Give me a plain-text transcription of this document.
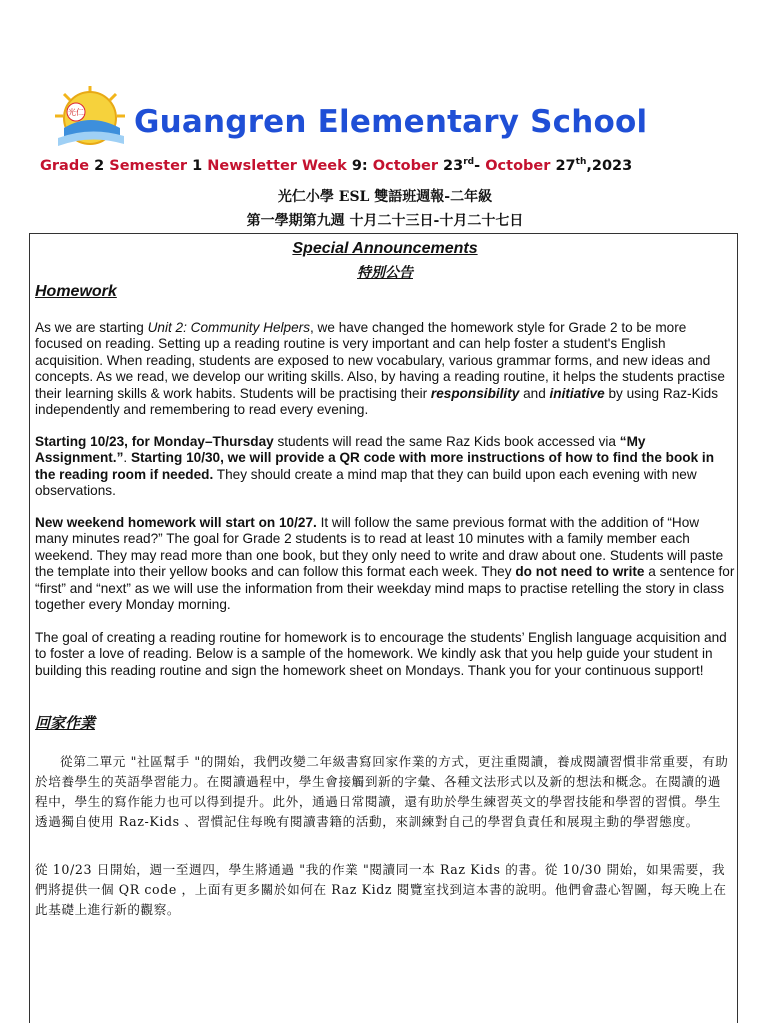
光仁 Guangren Elementary School
Grade 2 Semester 1 Newsletter Week 9: October 23rd- October 27th,2023
光仁小學 ESL 雙語班週報-二年級
第一學期第九週 十月二十三日-十月二十七日
Special Announcements
特別公告
Homework

As we are starting Unit 2: Community Helpers, we have changed the homework style for Grade 2 to be more focused on reading. Setting up a reading routine is very important and can help foster a student's English acquisition. When reading, students are exposed to new vocabulary, various grammar forms, and new ideas and concepts. As we read, we develop our writing skills. Also, by having a reading routine, it helps the students practise their learning skills & work habits. Students will be practising their responsibility and initiative by using Raz-Kids independently and remembering to read every evening.

Starting 10/23, for Monday–Thursday students will read the same Raz Kids book accessed via “My Assignment.”. Starting 10/30, we will provide a QR code with more instructions of how to find the book in the reading room if needed. They should create a mind map that they can build upon each evening with new observations.

New weekend homework will start on 10/27. It will follow the same previous format with the addition of “How many minutes read?” The goal for Grade 2 students is to read at least 10 minutes with a family member each weekend. They may read more than one book, but they only need to write and draw about one. Students will paste the template into their yellow books and can follow this format each week. They do not need to write a sentence for “first” and “next” as we will use the information from their weekday mind maps to practise retelling the story in class together every Monday morning.

The goal of creating a reading routine for homework is to encourage the students’ English language acquisition and to foster a love of reading. Below is a sample of the homework. We kindly ask that you help guide your student in building this reading routine and sign the homework sheet on Mondays. Thank you for your continuous support!

回家作業

從第二單元 "社區幫手 "的開始，我們改變二年級書寫回家作業的方式，更注重閱讀，養成閱讀習慣非常重要，有助於培養學生的英語學習能力。在閱讀過程中，學生會接觸到新的字彙、各種文法形式以及新的想法和概念。在閱讀的過程中，學生的寫作能力也可以得到提升。此外，通過日常閱讀，還有助於學生練習英文的學習技能和學習的習慣。學生透過獨自使用 Raz-Kids 、習慣記住每晚有閱讀書籍的活動，來訓練對自己的學習負責任和展現主動的學習態度。

從 10/23 日開始，週一至週四，學生將通過 "我的作業 "閱讀同一本 Raz Kids 的書。從 10/30 開始，如果需要，我們將提供一個 QR code ，上面有更多關於如何在 Raz Kidz 閱覽室找到這本書的說明。他們會盡心智圖，每天晚上在此基礎上進行新的觀察。
